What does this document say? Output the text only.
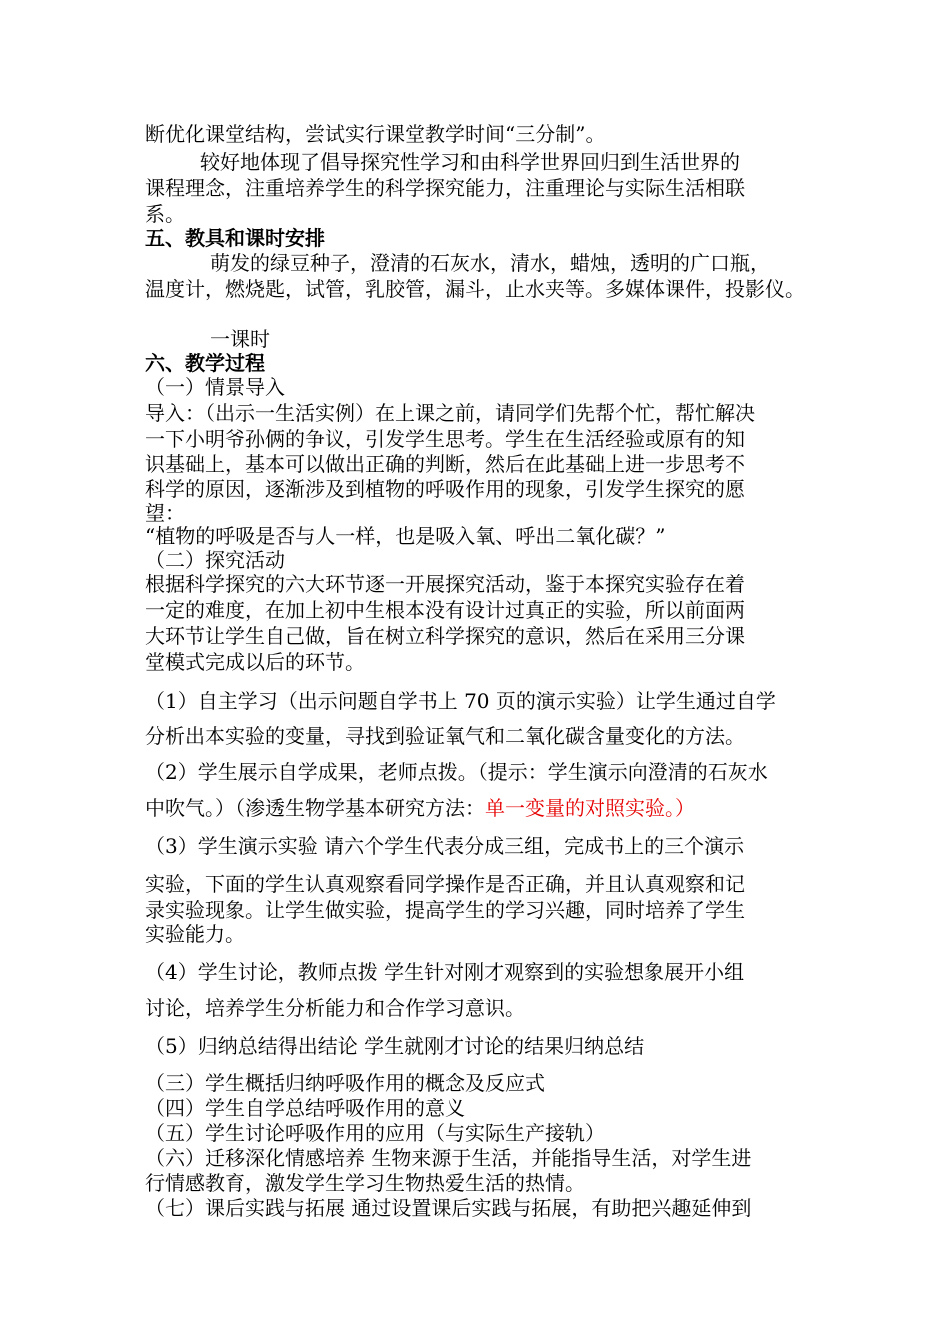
断优化课堂结构，尝试实行课堂教学时间“三分制”。
较好地体现了倡导探究性学习和由科学世界回归到生活世界的
课程理念，注重培养学生的科学探究能力，注重理论与实际生活相联
系。
五、教具和课时安排
萌发的绿豆种子，澄清的石灰水，清水，蜡烛，透明的广口瓶，
温度计，燃烧匙，试管，乳胶管，漏斗，止水夹等。多媒体课件，投影仪。
一课时
六、教学过程
（一）情景导入
导入：（出示一生活实例）在上课之前，请同学们先帮个忙，帮忙解决
一下小明爷孙俩的争议，引发学生思考。学生在生活经验或原有的知
识基础上，基本可以做出正确的判断，然后在此基础上进一步思考不
科学的原因，逐渐涉及到植物的呼吸作用的现象，引发学生探究的愿
望：
“植物的呼吸是否与人一样，也是吸入氧、呼出二氧化碳？”
（二）探究活动
根据科学探究的六大环节逐一开展探究活动，鉴于本探究实验存在着
一定的难度，在加上初中生根本没有设计过真正的实验，所以前面两
大环节让学生自己做，旨在树立科学探究的意识，然后在采用三分课
堂模式完成以后的环节。
（1）自主学习（出示问题自学书上 70 页的演示实验）让学生通过自学
分析出本实验的变量，寻找到验证氧气和二氧化碳含量变化的方法。
（2）学生展示自学成果，老师点拨。（提示：学生演示向澄清的石灰水
中吹气。）（渗透生物学基本研究方法：单一变量的对照实验。）
（3）学生演示实验 请六个学生代表分成三组，完成书上的三个演示
实验，下面的学生认真观察看同学操作是否正确，并且认真观察和记
录实验现象。让学生做实验，提高学生的学习兴趣，同时培养了学生
实验能力。
（4）学生讨论，教师点拨 学生针对刚才观察到的实验想象展开小组
讨论，培养学生分析能力和合作学习意识。
（5）归纳总结得出结论 学生就刚才讨论的结果归纳总结
（三）学生概括归纳呼吸作用的概念及反应式
（四）学生自学总结呼吸作用的意义
（五）学生讨论呼吸作用的应用（与实际生产接轨）
（六）迁移深化情感培养 生物来源于生活，并能指导生活，对学生进
行情感教育，激发学生学习生物热爱生活的热情。
（七）课后实践与拓展 通过设置课后实践与拓展，有助把兴趣延伸到
